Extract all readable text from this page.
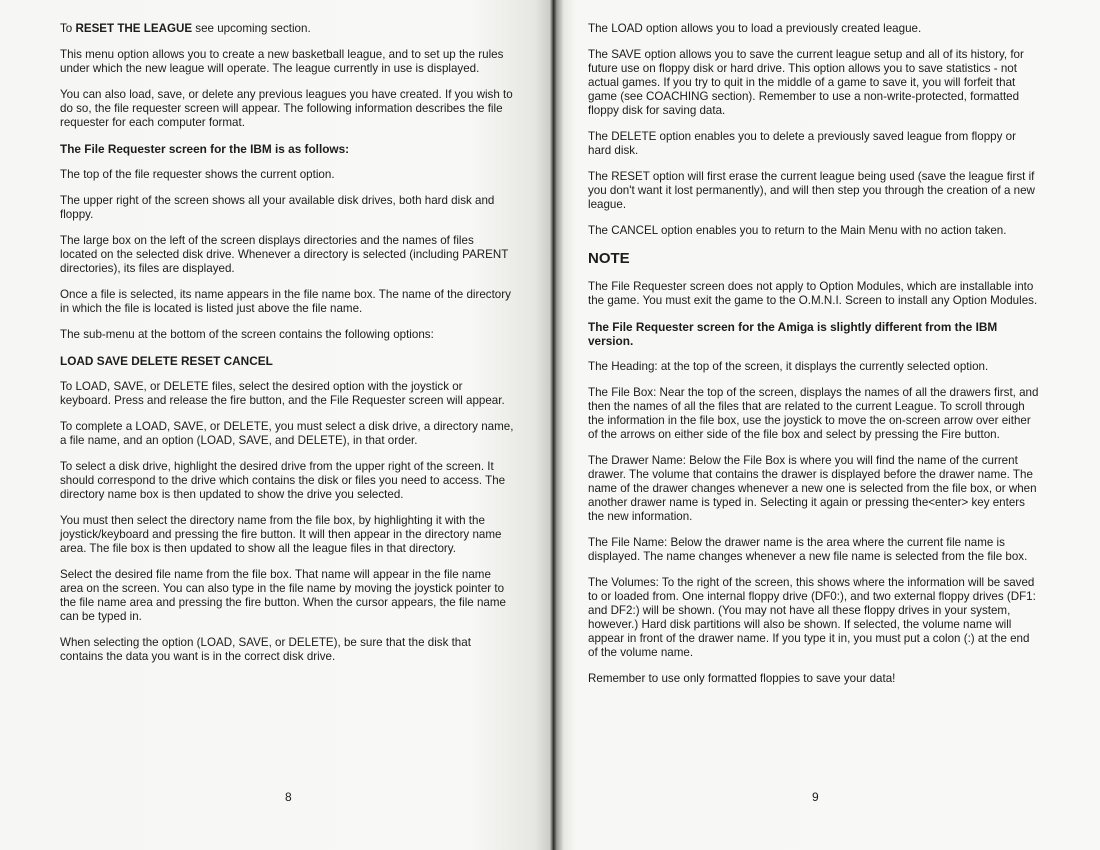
To RESET THE LEAGUE see upcoming section.

This menu option allows you to create a new basketball league, and to set up the rules under which the new league will operate. The league currently in use is displayed.

You can also load, save, or delete any previous leagues you have created. If you wish to do so, the file requester screen will appear. The following information describes the file requester for each computer format.

The File Requester screen for the IBM is as follows:

The top of the file requester shows the current option.

The upper right of the screen shows all your available disk drives, both hard disk and floppy.

The large box on the left of the screen displays directories and the names of files located on the selected disk drive. Whenever a directory is selected (including PARENT directories), its files are displayed.

Once a file is selected, its name appears in the file name box. The name of the directory in which the file is located is listed just above the file name.

The sub-menu at the bottom of the screen contains the following options:

LOAD SAVE DELETE RESET CANCEL

To LOAD, SAVE, or DELETE files, select the desired option with the joystick or keyboard. Press and release the fire button, and the File Requester screen will appear.

To complete a LOAD, SAVE, or DELETE, you must select a disk drive, a directory name, a file name, and an option (LOAD, SAVE, and DELETE), in that order.

To select a disk drive, highlight the desired drive from the upper right of the screen. It should correspond to the drive which contains the disk or files you need to access. The directory name box is then updated to show the drive you selected.

You must then select the directory name from the file box, by highlighting it with the joystick/keyboard and pressing the fire button. It will then appear in the directory name area. The file box is then updated to show all the league files in that directory.

Select the desired file name from the file box. That name will appear in the file name area on the screen. You can also type in the file name by moving the joystick pointer to the file name area and pressing the fire button. When the cursor appears, the file name can be typed in.

When selecting the option (LOAD, SAVE, or DELETE), be sure that the disk that contains the data you want is in the correct disk drive.

8

The LOAD option allows you to load a previously created league.

The SAVE option allows you to save the current league setup and all of its history, for future use on floppy disk or hard drive. This option allows you to save statistics - not actual games. If you try to quit in the middle of a game to save it, you will forfeit that game (see COACHING section). Remember to use a non-write-protected, formatted floppy disk for saving data.

The DELETE option enables you to delete a previously saved league from floppy or hard disk.

The RESET option will first erase the current league being used (save the league first if you don't want it lost permanently), and will then step you through the creation of a new league.

The CANCEL option enables you to return to the Main Menu with no action taken.

NOTE

The File Requester screen does not apply to Option Modules, which are installable into the game. You must exit the game to the O.M.N.I. Screen to install any Option Modules.

The File Requester screen for the Amiga is slightly different from the IBM version.

The Heading: at the top of the screen, it displays the currently selected option.

The File Box: Near the top of the screen, displays the names of all the drawers first, and then the names of all the files that are related to the current League. To scroll through the information in the file box, use the joystick to move the on-screen arrow over either of the arrows on either side of the file box and select by pressing the Fire button.

The Drawer Name: Below the File Box is where you will find the name of the current drawer. The volume that contains the drawer is displayed before the drawer name. The name of the drawer changes whenever a new one is selected from the file box, or when another drawer name is typed in. Selecting it again or pressing the<enter> key enters the new information.

The File Name: Below the drawer name is the area where the current file name is displayed. The name changes whenever a new file name is selected from the file box.

The Volumes: To the right of the screen, this shows where the information will be saved to or loaded from. One internal floppy drive (DF0:), and two external floppy drives (DF1: and DF2:) will be shown. (You may not have all these floppy drives in your system, however.) Hard disk partitions will also be shown. If selected, the volume name will appear in front of the drawer name. If you type it in, you must put a colon (:) at the end of the volume name.

Remember to use only formatted floppies to save your data!

9
